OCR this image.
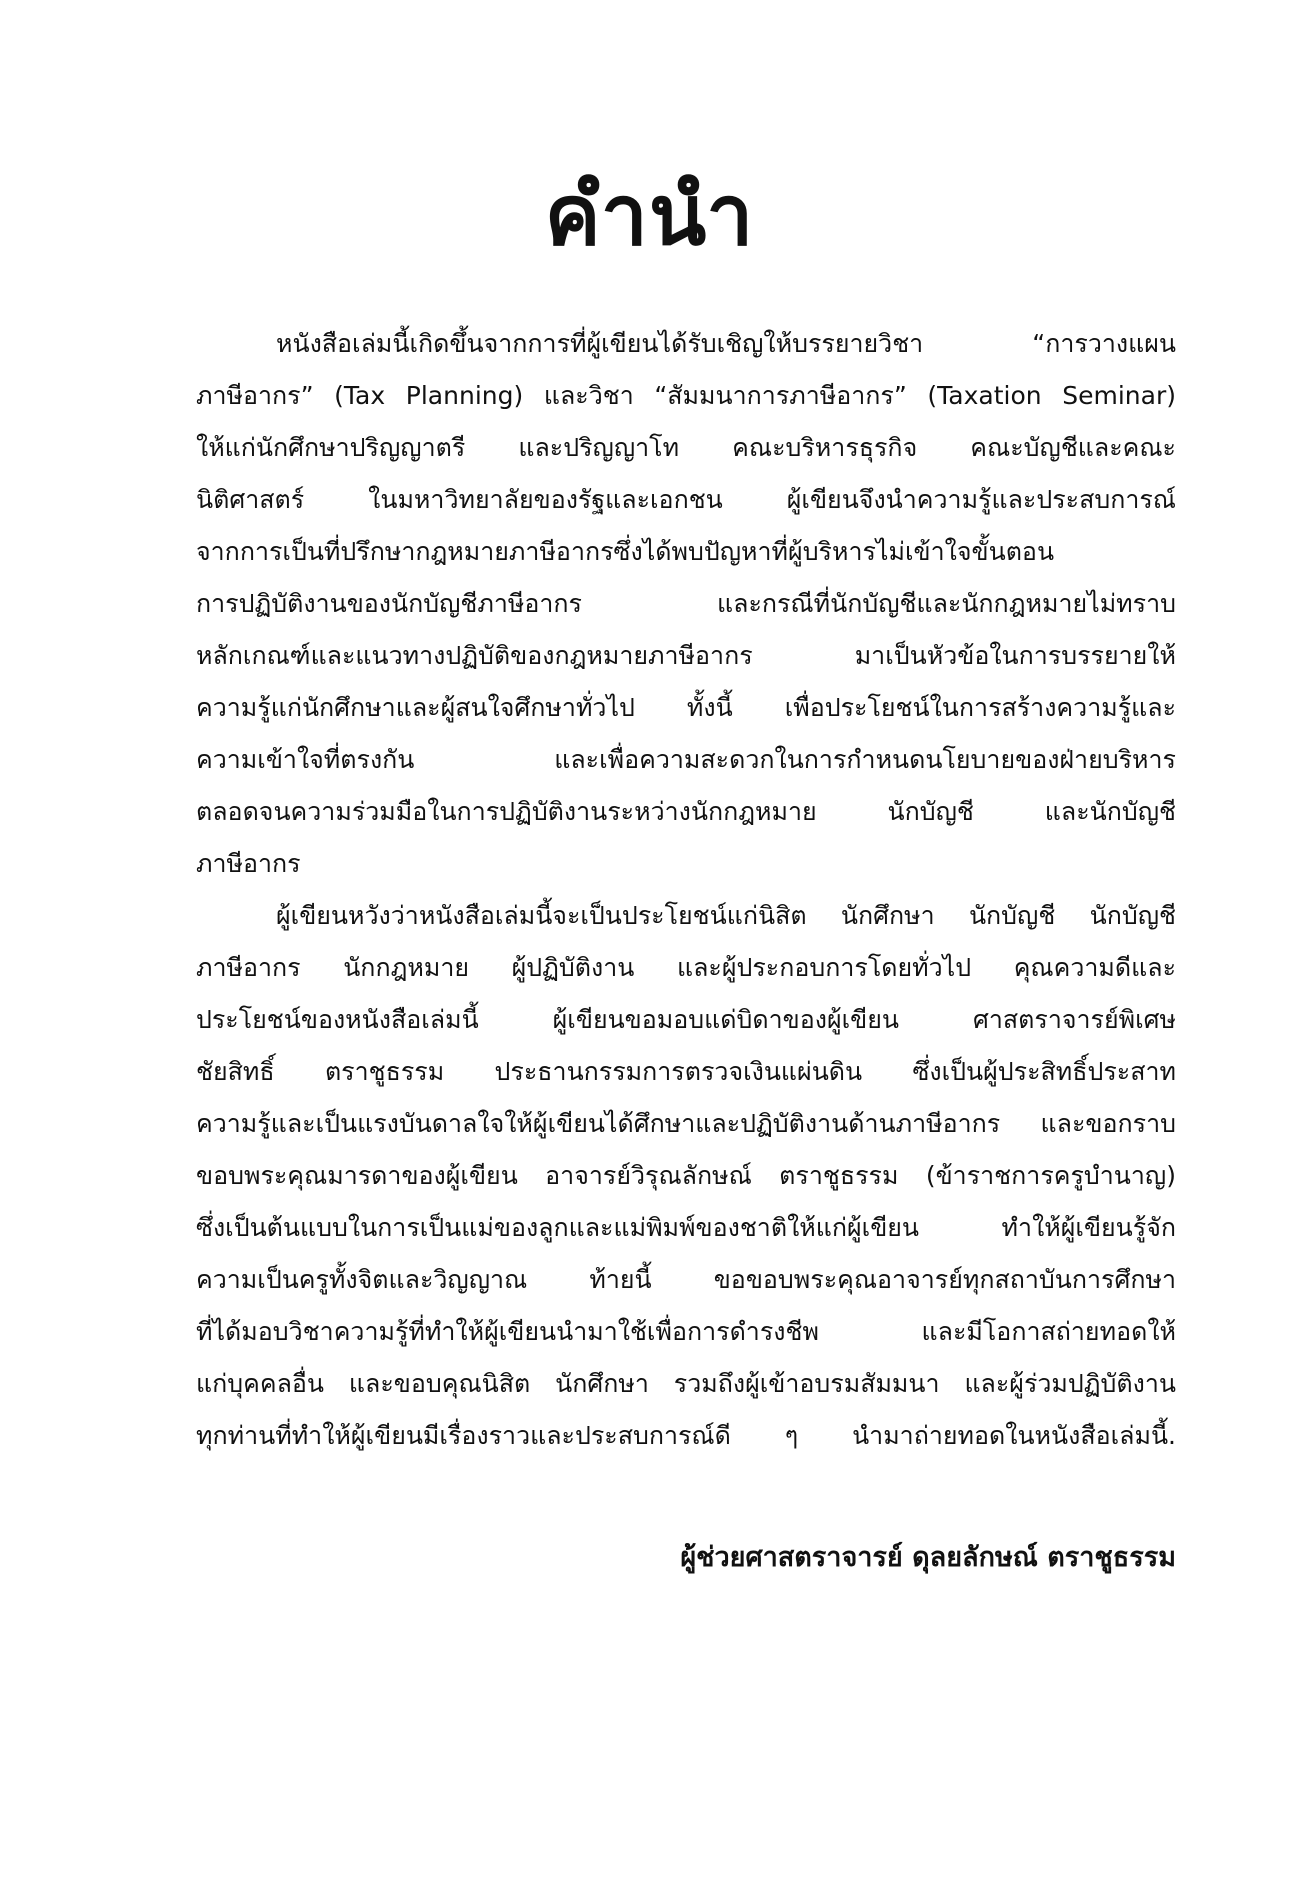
คำนำ
หนังสือเล่มนี้เกิดขึ้นจากการที่ผู้เขียนได้รับเชิญให้บรรยายวิชา “การวางแผน
ภาษีอากร” (Tax Planning) และวิชา “สัมมนาการภาษีอากร” (Taxation Seminar)
ให้แก่นักศึกษาปริญญาตรี และปริญญาโท คณะบริหารธุรกิจ คณะบัญชีและคณะ
นิติศาสตร์ ในมหาวิทยาลัยของรัฐและเอกชน ผู้เขียนจึงนำความรู้และประสบการณ์
จากการเป็นที่ปรึกษากฎหมายภาษีอากรซึ่งได้พบปัญหาที่ผู้บริหารไม่เข้าใจขั้นตอน
การปฏิบัติงานของนักบัญชีภาษีอากร และกรณีที่นักบัญชีและนักกฎหมายไม่ทราบ
หลักเกณฑ์และแนวทางปฏิบัติของกฎหมายภาษีอากร มาเป็นหัวข้อในการบรรยายให้
ความรู้แก่นักศึกษาและผู้สนใจศึกษาทั่วไป ทั้งนี้ เพื่อประโยชน์ในการสร้างความรู้และ
ความเข้าใจที่ตรงกัน และเพื่อความสะดวกในการกำหนดนโยบายของฝ่ายบริหาร
ตลอดจนความร่วมมือในการปฏิบัติงานระหว่างนักกฎหมาย นักบัญชี และนักบัญชี
ภาษีอากร
ผู้เขียนหวังว่าหนังสือเล่มนี้จะเป็นประโยชน์แก่นิสิต นักศึกษา นักบัญชี นักบัญชี
ภาษีอากร นักกฎหมาย ผู้ปฏิบัติงาน และผู้ประกอบการโดยทั่วไป คุณความดีและ
ประโยชน์ของหนังสือเล่มนี้ ผู้เขียนขอมอบแด่บิดาของผู้เขียน ศาสตราจารย์พิเศษ
ชัยสิทธิ์ ตราชูธรรม ประธานกรรมการตรวจเงินแผ่นดิน ซึ่งเป็นผู้ประสิทธิ์ประสาท
ความรู้และเป็นแรงบันดาลใจให้ผู้เขียนได้ศึกษาและปฏิบัติงานด้านภาษีอากร และขอกราบ
ขอบพระคุณมารดาของผู้เขียน อาจารย์วิรุณลักษณ์ ตราชูธรรม (ข้าราชการครูบำนาญ)
ซึ่งเป็นต้นแบบในการเป็นแม่ของลูกและแม่พิมพ์ของชาติให้แก่ผู้เขียน ทำให้ผู้เขียนรู้จัก
ความเป็นครูทั้งจิตและวิญญาณ ท้ายนี้ ขอขอบพระคุณอาจารย์ทุกสถาบันการศึกษา
ที่ได้มอบวิชาความรู้ที่ทำให้ผู้เขียนนำมาใช้เพื่อการดำรงชีพ และมีโอกาสถ่ายทอดให้
แก่บุคคลอื่น และขอบคุณนิสิต นักศึกษา รวมถึงผู้เข้าอบรมสัมมนา และผู้ร่วมปฏิบัติงาน
ทุกท่านที่ทำให้ผู้เขียนมีเรื่องราวและประสบการณ์ดี ๆ นำมาถ่ายทอดในหนังสือเล่มนี้.
ผู้ช่วยศาสตราจารย์ ดุลยลักษณ์ ตราชูธรรม
